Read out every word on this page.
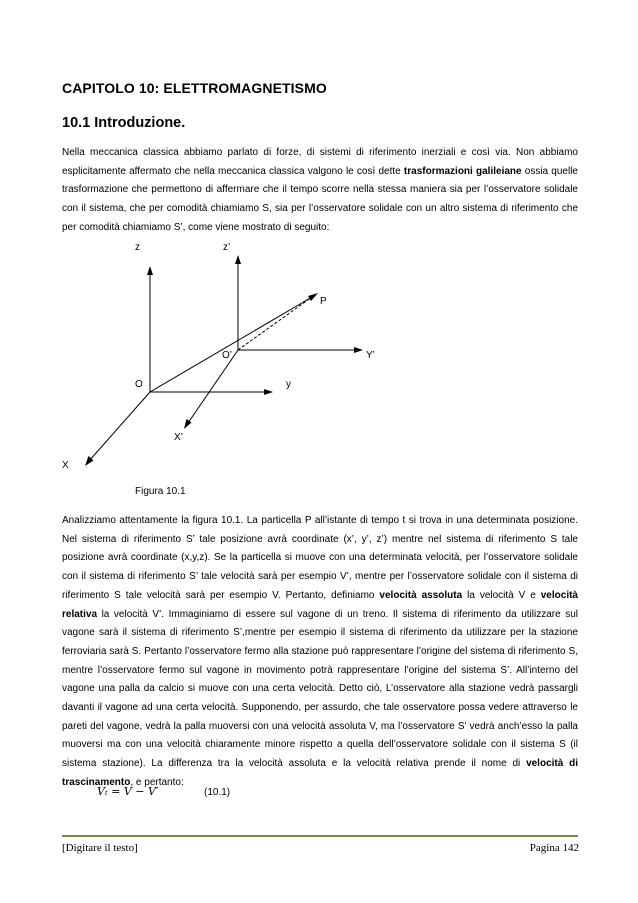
CAPITOLO 10: ELETTROMAGNETISMO
10.1 Introduzione.

Nella meccanica classica abbiamo parlato di forze, di sistemi di riferimento inerziali e così via. Non abbiamo esplicitamente affermato che nella meccanica classica valgono le così dette trasformazioni galileiane ossia quelle trasformazione che permettono di affermare che il tempo scorre nella stessa maniera sia per l’osservatore solidale con il sistema, che per comodità chiamiamo S, sia per l’osservatore solidale con un altro sistema di riferimento che per comodità chiamiamo S’, come viene mostrato di seguito:

z	z’
P
O’	Y’
O	y
X’
X
Figura 10.1

Analizziamo attentamente la figura 10.1. La particella P all’istante di tempo t si trova in una determinata posizione. Nel sistema di riferimento S’ tale posizione avrà coordinate (x’, y’, z’) mentre nel sistema di riferimento S tale posizione avrà coordinate (x,y,z). Se la particella si muove con una determinata velocità, per l’osservatore solidale con il sistema di riferimento S’ tale velocità sarà per esempio V’, mentre per l’osservatore solidale con il sistema di riferimento S tale velocità sarà per esempio V. Pertanto, definiamo velocità assoluta la velocità V e velocità relativa la velocità V’. Immaginiamo di essere sul vagone di un treno. Il sistema di riferimento da utilizzare sul vagone sarà il sistema di riferimento S’,mentre per esempio il sistema di riferimento da utilizzare per la stazione ferroviaria sarà S. Pertanto l’osservatore fermo alla stazione può rappresentare l’origine del sistema di riferimento S, mentre l’osservatore fermo sul vagone in movimento potrà rappresentare l’origine del sistema S’. All’interno del vagone una palla da calcio si muove con una certa velocità. Detto ciò, L’osservatore alla stazione vedrà passargli davanti il vagone ad una certa velocità. Supponendo, per assurdo, che tale osservatore possa vedere attraverso le pareti del vagone, vedrà la palla muoversi con una velocità assoluta V, ma l’osservatore S’ vedrà anch’esso la palla muoversi ma con una velocità chiaramente minore rispetto a quella dell’osservatore solidale con il sistema S (il sistema stazione). La differenza tra la velocità assoluta e la velocità relativa prende il nome di velocità di trascinamento, e pertanto:

Vₜ = V − V′	(10.1)
[Digitare il testo]	Pagina 142
